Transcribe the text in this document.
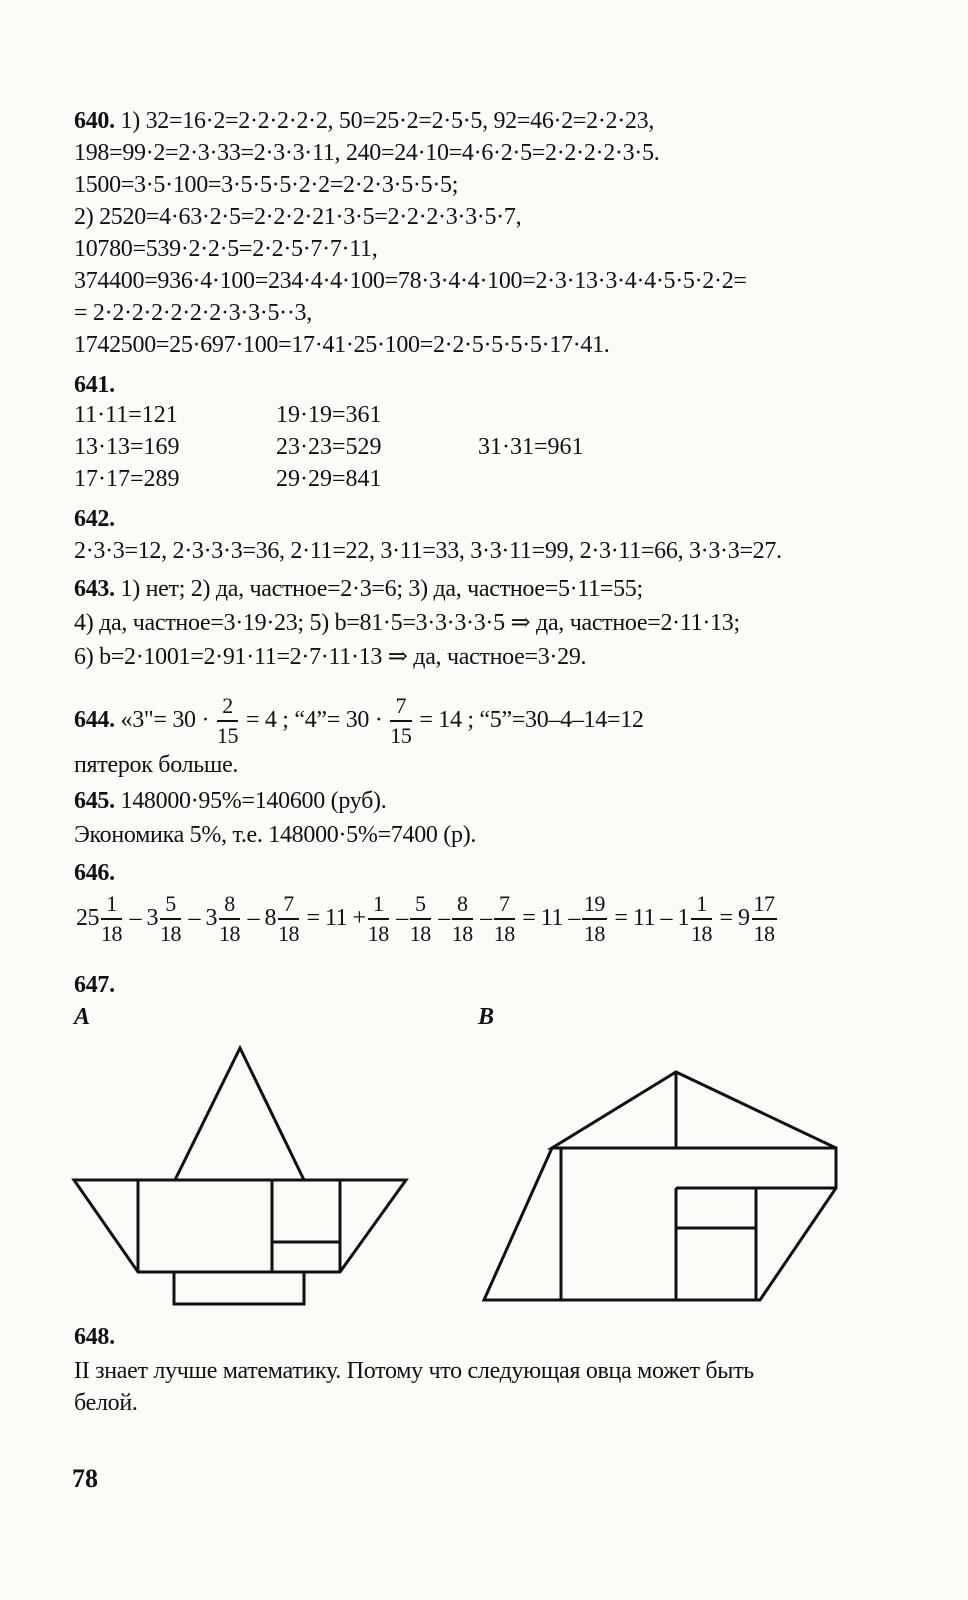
640. 1) 32=16·2=2·2·2·2·2, 50=25·2=2·5·5, 92=46·2=2·2·23,
198=99·2=2·3·33=2·3·3·11, 240=24·10=4·6·2·5=2·2·2·2·3·5.
1500=3·5·100=3·5·5·5·2·2=2·2·3·5·5·5;
2) 2520=4·63·2·5=2·2·2·21·3·5=2·2·2·3·3·5·7,
10780=539·2·2·5=2·2·5·7·7·11,
374400=936·4·100=234·4·4·100=78·3·4·4·100=2·3·13·3·4·4·5·5·2·2=
= 2·2·2·2·2·2·2·3·3·5··3,
1742500=25·697·100=17·41·25·100=2·2·5·5·5·5·17·41.
641.
11·11=121
13·13=169
17·17=289
19·19=361
23·23=529
29·29=841
31·31=961
642.
2·3·3=12, 2·3·3·3=36, 2·11=22, 3·11=33, 3·3·11=99, 2·3·11=66, 3·3·3=27.
643. 1) нет; 2) да, частное=2·3=6; 3) да, частное=5·11=55;
4) да, частное=3·19·23; 5) b=81·5=3·3·3·3·5 ⇒ да, частное=2·11·13;
6) b=2·1001=2·91·11=2·7·11·13 ⇒ да, частное=3·29.
644. «3"= $30 \cdot \frac{2}{15} = 4$ ; “4”= $30 \cdot \frac{7}{15} = 14$ ; “5”=30–4–14=12
пятерок больше.
645. 148000·95%=140600 (руб).
Экономика 5%, т.е. 148000·5%=7400 (р).
646.
$25 \frac{1}{18} - 3 \frac{5}{18} - 3 \frac{8}{18} - 8 \frac{7}{18} = 11 + \frac{1}{18} - \frac{5}{18} - \frac{8}{18} - \frac{7}{18} = 11 - \frac{19}{18} = 11 - 1 \frac{1}{18} = 9 \frac{17}{18}$
647.
A	B
648.
II знает лучше математику. Потому что следующая овца может быть
белой.
78
